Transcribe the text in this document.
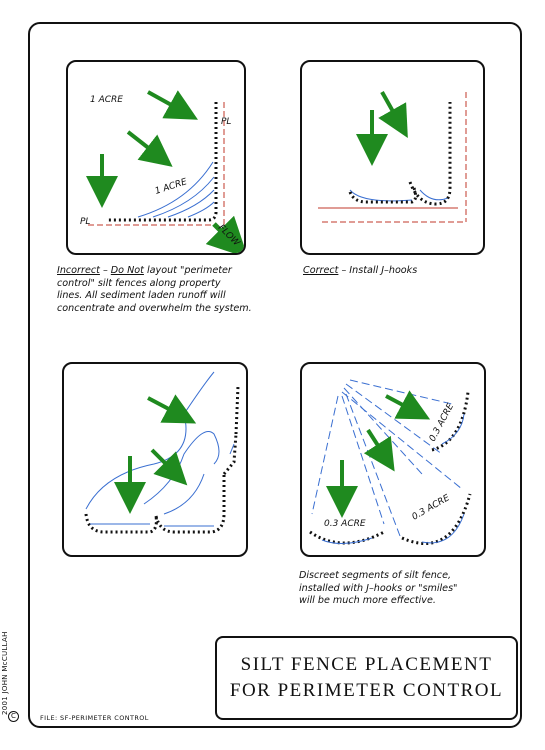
1 ACRE
1 ACRE
PL
PL
FLOW
Incorrect – Do Not layout "perimeter
control" silt fences along property
lines. All sediment laden runoff will
concentrate and overwhelm the system.
Correct – Install J–hooks
0.3 ACRE
0.3 ACRE
0.3 ACRE
Discreet segments of silt fence,
installed with J–hooks or "smiles"
will be much more effective.
SILT FENCE PLACEMENT
FOR PERIMETER CONTROL
2001 JOHN McCULLAH
C	FILE: SF-PERIMETER CONTROL
